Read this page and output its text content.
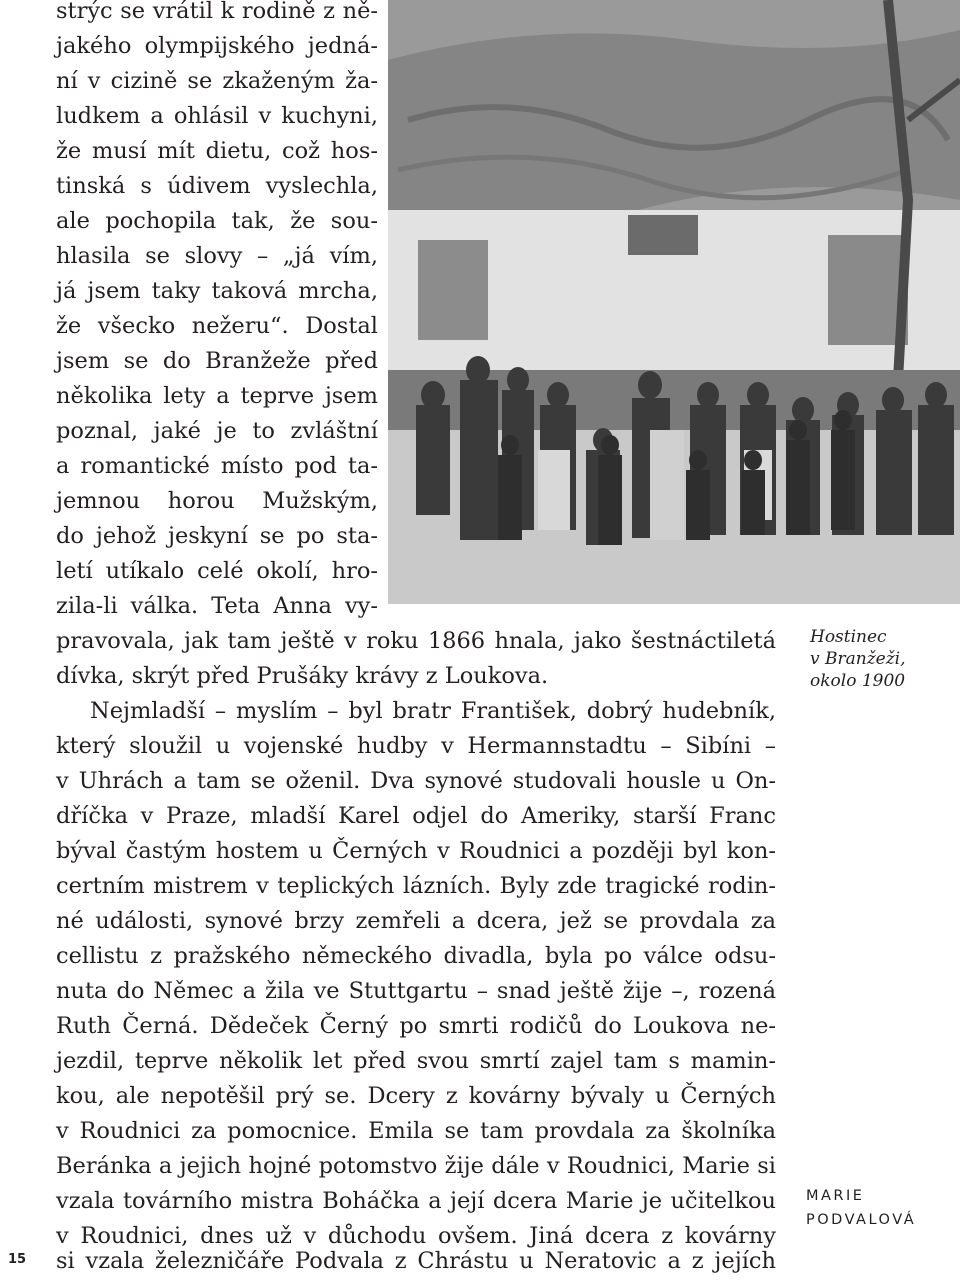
strýc se vrátil k rodině z ně-
jakého olympijského jedná-
ní v cizině se zkaženým ža-
ludkem a ohlásil v kuchyni,
že musí mít dietu, což hos-
tinská s údivem vyslechla,
ale pochopila tak, že sou-
hlasila se slovy – „já vím,
já jsem taky taková mrcha,
že všecko nežeru“. Dostal
jsem se do Branžeže před
několika lety a teprve jsem
poznal, jaké je to zvláštní
a romantické místo pod ta-
jemnou horou Mužským,
do jehož jeskyní se po sta-
letí utíkalo celé okolí, hro-
zila-li válka. Teta Anna vy-
pravovala, jak tam ještě v roku 1866 hnala, jako šestnáctiletá
dívka, skrýt před Prušáky krávy z Loukova.
Nejmladší – myslím – byl bratr František, dobrý hudebník,
který sloužil u vojenské hudby v Hermannstadtu – Sibíni –
v Uhrách a tam se oženil. Dva synové studovali housle u On-
dříčka v Praze, mladší Karel odjel do Ameriky, starší Franc
býval častým hostem u Černých v Roudnici a později byl kon-
certním mistrem v teplických lázních. Byly zde tragické rodin-
né události, synové brzy zemřeli a dcera, jež se provdala za
cellistu z pražského německého divadla, byla po válce odsu-
nuta do Němec a žila ve Stuttgartu – snad ještě žije –, rozená
Ruth Černá. Dědeček Černý po smrti rodičů do Loukova ne-
jezdil, teprve několik let před svou smrtí zajel tam s mamin-
kou, ale nepotěšil prý se. Dcery z kovárny bývaly u Černých
v Roudnici za pomocnice. Emila se tam provdala za školníka
Beránka a jejich hojné potomstvo žije dále v Roudnici, Marie si
vzala továrního mistra Boháčka a její dcera Marie je učitelkou
v Roudnici, dnes už v důchodu ovšem. Jiná dcera z kovárny
si vzala železničáře Podvala z Chrástu u Neratovic a z jejích
Hostinec
v Branžeži,
okolo 1900
MARIE
PODVALOVÁ
15
